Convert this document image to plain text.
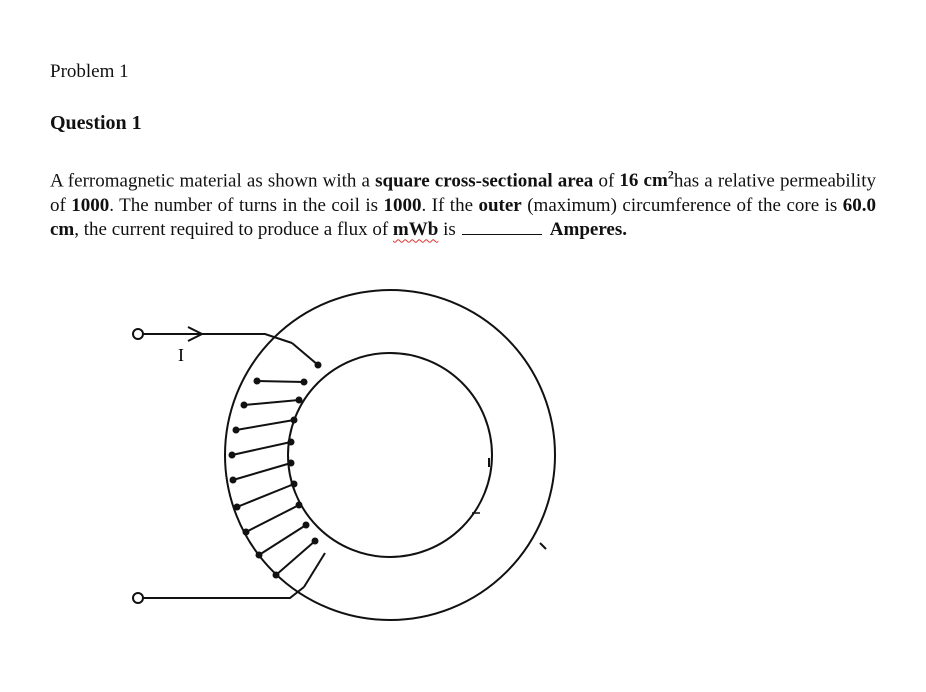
Problem 1
Question 1
A ferromagnetic material as shown with a square cross-sectional area of 16 $cm^2has$ a relative permeability of 1000. The number of turns in the coil is 1000. If the outer (maximum) circumference of the core is 60.0 cm, the current required to produce a flux of mWb is	Amperes.
I
